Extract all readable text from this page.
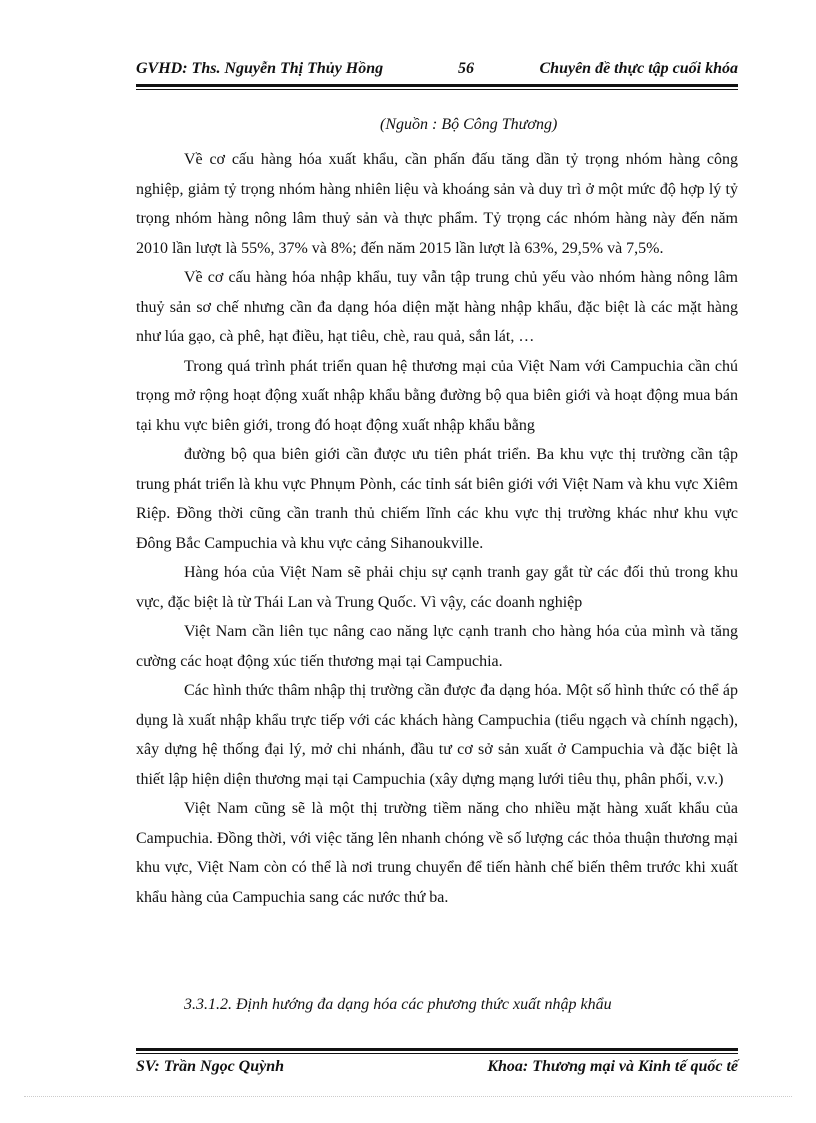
GVHD: Ths. Nguyễn Thị Thủy Hồng	56	Chuyên đề thực tập cuối khóa
(Nguồn : Bộ Công Thương)

Về cơ cấu hàng hóa xuất khẩu, cần phấn đấu tăng dần tỷ trọng nhóm hàng công nghiệp, giảm tỷ trọng nhóm hàng nhiên liệu và khoáng sản và duy trì ở một mức độ hợp lý tỷ trọng nhóm hàng nông lâm thuỷ sản và thực phẩm. Tỷ trọng các nhóm hàng này đến năm 2010 lần lượt là 55%, 37% và 8%; đến năm 2015 lần lượt là 63%, 29,5% và 7,5%.

Về cơ cấu hàng hóa nhập khẩu, tuy vẫn tập trung chủ yếu vào nhóm hàng nông lâm thuỷ sản sơ chế nhưng cần đa dạng hóa diện mặt hàng nhập khẩu, đặc biệt là các mặt hàng như lúa gạo, cà phê, hạt điều, hạt tiêu, chè, rau quả, sắn lát, …

Trong quá trình phát triển quan hệ thương mại của Việt Nam với Campuchia cần chú trọng mở rộng hoạt động xuất nhập khẩu bằng đường bộ qua biên giới và hoạt động mua bán tại khu vực biên giới, trong đó hoạt động xuất nhập khẩu bằng

đường bộ qua biên giới cần được ưu tiên phát triển. Ba khu vực thị trường cần tập trung phát triển là khu vực Phnụm Pònh, các tỉnh sát biên giới với Việt Nam và khu vực Xiêm Riệp. Đồng thời cũng cần tranh thủ chiếm lĩnh các khu vực thị trường khác như khu vực Đông Bắc Campuchia và khu vực cảng Sihanoukville.

Hàng hóa của Việt Nam sẽ phải chịu sự cạnh tranh gay gắt từ các đối thủ trong khu vực, đặc biệt là từ Thái Lan và Trung Quốc. Vì vậy, các doanh nghiệp

Việt Nam cần liên tục nâng cao năng lực cạnh tranh cho hàng hóa của mình và tăng cường các hoạt động xúc tiến thương mại tại Campuchia.

Các hình thức thâm nhập thị trường cần được đa dạng hóa. Một số hình thức có thể áp dụng là xuất nhập khẩu trực tiếp với các khách hàng Campuchia (tiểu ngạch và chính ngạch), xây dựng hệ thống đại lý, mở chi nhánh, đầu tư cơ sở sản xuất ở Campuchia và đặc biệt là thiết lập hiện diện thương mại tại Campuchia (xây dựng mạng lưới tiêu thụ, phân phối, v.v.)

Việt Nam cũng sẽ là một thị trường tiềm năng cho nhiều mặt hàng xuất khẩu của Campuchia. Đồng thời, với việc tăng lên nhanh chóng về số lượng các thỏa thuận thương mại khu vực, Việt Nam còn có thể là nơi trung chuyển để tiến hành chế biến thêm trước khi xuất khẩu hàng của Campuchia sang các nước thứ ba.

3.3.1.2. Định hướng đa dạng hóa các phương thức xuất nhập khẩu
SV: Trần Ngọc Quỳnh	Khoa: Thương mại và Kinh tế quốc tế
